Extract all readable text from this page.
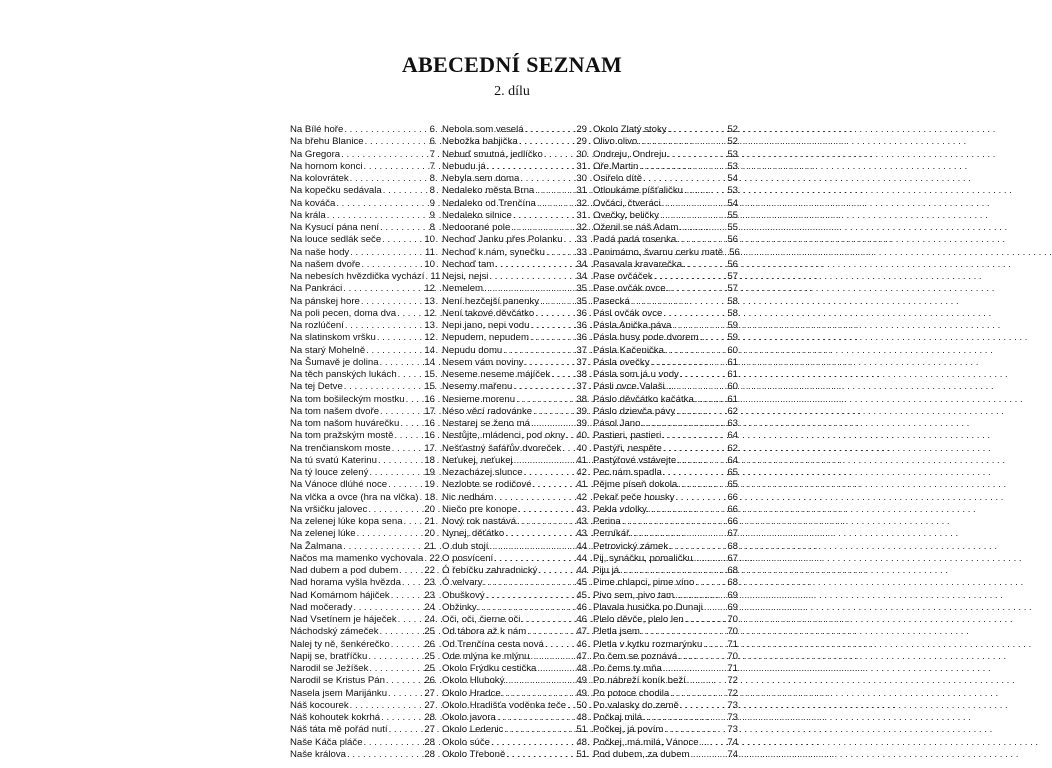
ABECEDNÍ SEZNAM
2. dílu
Na Bílé hoře . . .	6
Na břehu Blanice . . .	6
Na Gregora . . .	7
Na hornom konci . . .	7
Na kolovrátek . . .	8
Na kopečku sedávala . . .	8
Na kováča . . .	9
Na krála . . .	9
Na Kysucí pána není . . .	8
Na louce sedlák seče . . .	10
Na naše hody . . .	11
Na našem dvoře . . .	10
Na nebesích hvězdička vychází . . . 11
Na Pankráci . . .	12
Na pánskej hore . . .	13
Na poli pecen, doma dva . . .	12
Na rozlúčení . . .	13
Na slatinskom vršku . . .	12
Na starý Mohelně . . .	14
Na Šumavě je dolina . . .	14
Na těch panských lukách . . .	15
Na tej Detve . . .	15
Na tom bošileckým mostku . . . 16
Na tom našem dvoře . . .	17
Na tom našom huvárečku . . .	16
Na tom pražským mostě . . .	16
Na trenčianskom moste . . .	17
Na tú svatú Katerinu . . .	18
Na tý louce zelený . . .	19
Na Vánoce dlúhé noce . . .	19
Na vlčka a ovce (hra na vlčka) . . . 18
Na vršičku jalovec . . .	20
Na zelenej lúke kopa sena . . . 21
Na zelenej lúke . . .	20
Na Žalmana . . .	21
Načos ma mamenko vychovala . . . 22
Nad dubem a pod dubem . . .	22
Nad horama vyšla hvězda . . . 23
Nad Komárnom hájiček . . .	23
Nad močerady . . .	24
Nad Vsetínem je háječek . . .	24
Náchodský zámeček . . .	25
Nalej ty ně, šenkérečko . . .	26
Napij se, bratříčku . . .	25
Narodil se Ježíšek . . .	25
Narodil se Kristus Pán . . .	26
Nasela jsem Marijánku . . .	27
Náš kocourek . . .	27
Náš kohoutek kokrhá . . .	28
Náš táta mě pořád nutí . . .	27
Naše Káča pláče . . .	28
Naše králova . . .	28
Nebola som veselá . . .	29
Nebožka babjička . . .	29
Nebuď smutná, jedlíčko . . .	30
Nebudu já . . .	31
Nebyla sem doma . . .	30
Nedaleko města Brna . . .	31
Nedaleko od Trenčína . . .	32
Nedaleko silnice . . .	31
Nedoorané pole . . .	32
Nechoď Janku přes Polanku . . . 33
Nechoď k nám, synečku . . .	33
Nechoď tam . . .	34
Nejsi, nejsi . . .	34
Nemelem . . .	35
Není hezčejší panenky . . .	35
Není takové děvčátko . . .	36
Nepi jano, nepi vodu . . .	36
Nepudem, nepudem . . .	36
Nepudu domu . . .	37
Nesem vám noviny . . .	37
Neseme neseme májíček . . .	38
Nesemy mařenu . . .	37
Nesieme morenu . . .	38
Néso věcí radovánke . . .	39
Nestarej se ženo má . . .	39
Nestůjte, mládenci, pod okny . . . 40
Nešťastný šafářův dvoreček . . . 40
Neťukej, neťukej . . .	41
Nezacházej slunce . . .	42
Nezlobte se rodičové . . .	41
Nic nedbám . . .	42
Niečo pre konope . . .	43
Nový rok nastává . . .	43
Nynej, děťátko . . .	43
O dub stojí . . .	44
O posvícení . . .	44
Ó řebíčku zahradnický . . .	44
Ó velvary . . .	45
Obuškový . . .	45
Obžinky . . .	46
Oči, oči, čierne oči . . .	46
Od tábora až k nám . . .	47
Od Trenčína cesta nová . . .	46
Ode mlýna ke mlýnu . . .	47
Okolo Frýdku cestička . . .	48
Okolo Hluboký . . .	49
Okolo Hradce . . .	49
Okolo Hradišťa voděnka teče . . . 50
Okolo javora . . .	48
Okolo Ledenic . . .	51
Okolo súče . . .	48
Okolo Třeboně . . .	51
Okolo Zlatý stoky . . .	52
Olivo olivo . . .	52
Ondreju, Ondreju . . .	53
Oře Martin . . .	53
Osiřelo dítě . . .	54
Otloukáme píšťaličku . . .	53
Ovčáci, čtveráci . . .	54
Ovečky, beličky . . .	55
Oženil se náš Adam . . .	55
Padá padá rosenka . . .	56
Panimámo, švarnu cerku matě . . . 56
Pasavala kravarečka . . .	56
Pase ovčáček . . .	57
Pase ovčák ovce . . .	57
Pasecká . . .	58
Pásl ovčák ovce . . .	58
Pásla Anička páva . . .	59
Pásla husy pode dvorem . . .	59
Pásla Kačenička . . .	60
Pásla ovečky . . .	61
Pásla som já u vody . . .	61
Pásli ovce Valaši . . .	60
Páslo děvčátko kačátka . . .	61
Páslo dzievča pávy . . .	62
Pásol Jano . . .	63
Pastieri, pastieri . . .	64
Pastýři, nespěte . . .	62
Pastýřové vstávejte . . .	64
Pec nám spadla . . .	65
Pějme píseň dokola . . .	65
Pekař peče housky . . .	66
Pekla vdolky . . .	66
Perina . . .	66
Perníkář . . .	67
Petrovický zámek . . .	68
Pij, synáčku, pomaličku . . .	67
Piju já . . .	68
Pime chlapci, pime víno . . .	68
Pivo sem, pivo tam . . .	69
Plavala husička po Dunaji . . .	69
Plelo děvče, plelo len . . .	70
Pletla jsem . . .	70
Pletla v kytku rozmarýnku . . .	71
Po čem se poznává . . .	70
Po čems ty mňa . . .	71
Po nábreží koník beží . . .	72
Po potoce chodila . . .	72
Po valasky do země . . .	73
Počkaj milá . . .	73
Počkej, já povím . . .	73
Počkej, má milá, Vánoce ... . . . 74
Pod dubem, za dubem . . .	74
